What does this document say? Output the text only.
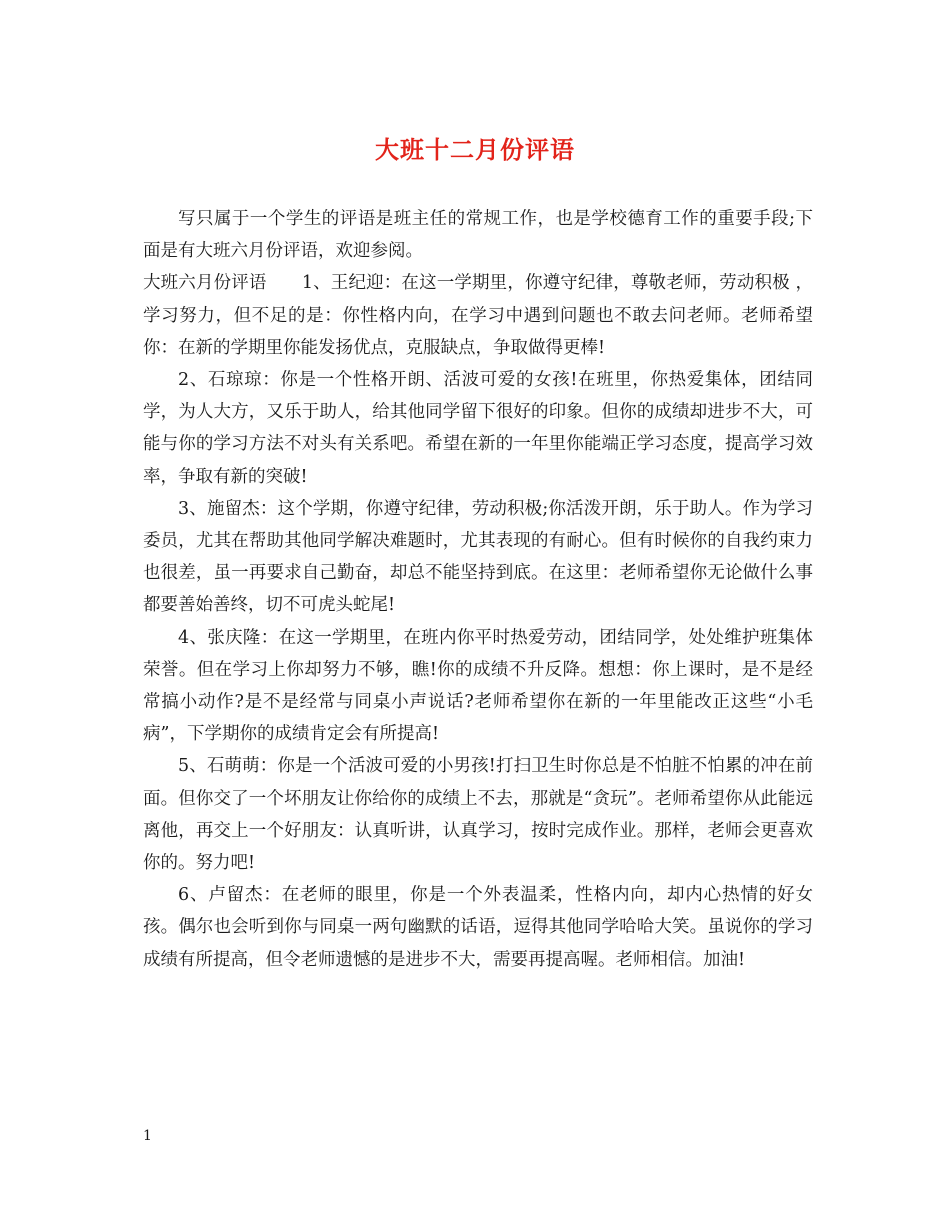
大班十二月份评语

写只属于一个学生的评语是班主任的常规工作，也是学校德育工作的重要手段;下面是有大班六月份评语，欢迎参阅。

大班六月份评语　　1、王纪迎：在这一学期里，你遵守纪律，尊敬老师，劳动积极 ，学习努力，但不足的是：你性格内向，在学习中遇到问题也不敢去问老师。老师希望你：在新的学期里你能发扬优点，克服缺点，争取做得更棒!

2、石琼琼：你是一个性格开朗、活波可爱的女孩!在班里，你热爱集体，团结同学，为人大方，又乐于助人，给其他同学留下很好的印象。但你的成绩却进步不大，可能与你的学习方法不对头有关系吧。希望在新的一年里你能端正学习态度，提高学习效率，争取有新的突破!

3、施留杰：这个学期，你遵守纪律，劳动积极;你活泼开朗，乐于助人。作为学习委员，尤其在帮助其他同学解决难题时，尤其表现的有耐心。但有时候你的自我约束力也很差，虽一再要求自己勤奋，却总不能坚持到底。在这里：老师希望你无论做什么事都要善始善终，切不可虎头蛇尾!

4、张庆隆：在这一学期里，在班内你平时热爱劳动，团结同学，处处维护班集体荣誉。但在学习上你却努力不够，瞧!你的成绩不升反降。想想：你上课时，是不是经常搞小动作?是不是经常与同桌小声说话?老师希望你在新的一年里能改正这些“小毛病”，下学期你的成绩肯定会有所提高!

5、石萌萌：你是一个活波可爱的小男孩!打扫卫生时你总是不怕脏不怕累的冲在前面。但你交了一个坏朋友让你给你的成绩上不去，那就是“贪玩”。老师希望你从此能远离他，再交上一个好朋友：认真听讲，认真学习，按时完成作业。那样，老师会更喜欢你的。努力吧!

6、卢留杰：在老师的眼里，你是一个外表温柔，性格内向，却内心热情的好女孩。偶尔也会听到你与同桌一两句幽默的话语，逗得其他同学哈哈大笑。虽说你的学习成绩有所提高，但令老师遗憾的是进步不大，需要再提高喔。老师相信。加油!

1
